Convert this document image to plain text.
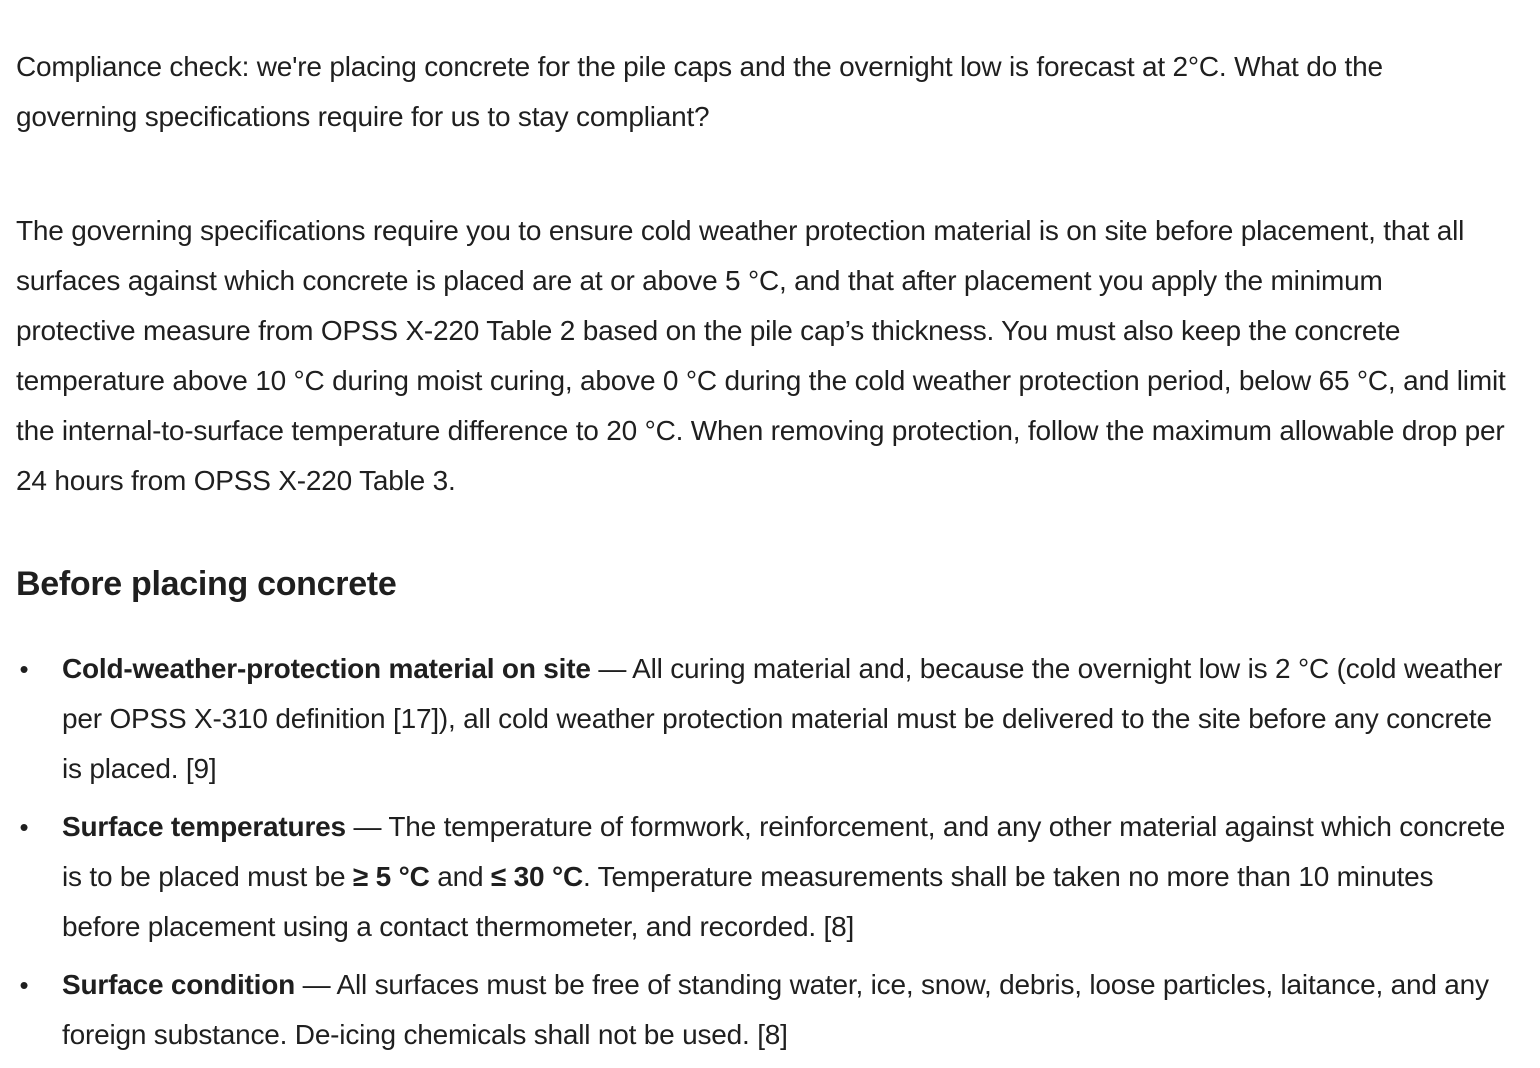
Compliance check: we're placing concrete for the pile caps and the overnight low is forecast at 2°C. What do the governing specifications require for us to stay compliant?

The governing specifications require you to ensure cold weather protection material is on site before placement, that all surfaces against which concrete is placed are at or above 5 °C, and that after placement you apply the minimum protective measure from OPSS X-220 Table 2 based on the pile cap’s thickness. You must also keep the concrete temperature above 10 °C during moist curing, above 0 °C during the cold weather protection period, below 65 °C, and limit the internal-to-surface temperature difference to 20 °C. When removing protection, follow the maximum allowable drop per 24 hours from OPSS X-220 Table 3.

Before placing concrete
• Cold-weather-protection material on site — All curing material and, because the overnight low is 2 °C (cold weather per OPSS X-310 definition [17]), all cold weather protection material must be delivered to the site before any concrete is placed. [9]
• Surface temperatures — The temperature of formwork, reinforcement, and any other material against which concrete is to be placed must be ≥ 5 °C and ≤ 30 °C. Temperature measurements shall be taken no more than 10 minutes before placement using a contact thermometer, and recorded. [8]
• Surface condition — All surfaces must be free of standing water, ice, snow, debris, loose particles, laitance, and any foreign substance. De-icing chemicals shall not be used. [8]
